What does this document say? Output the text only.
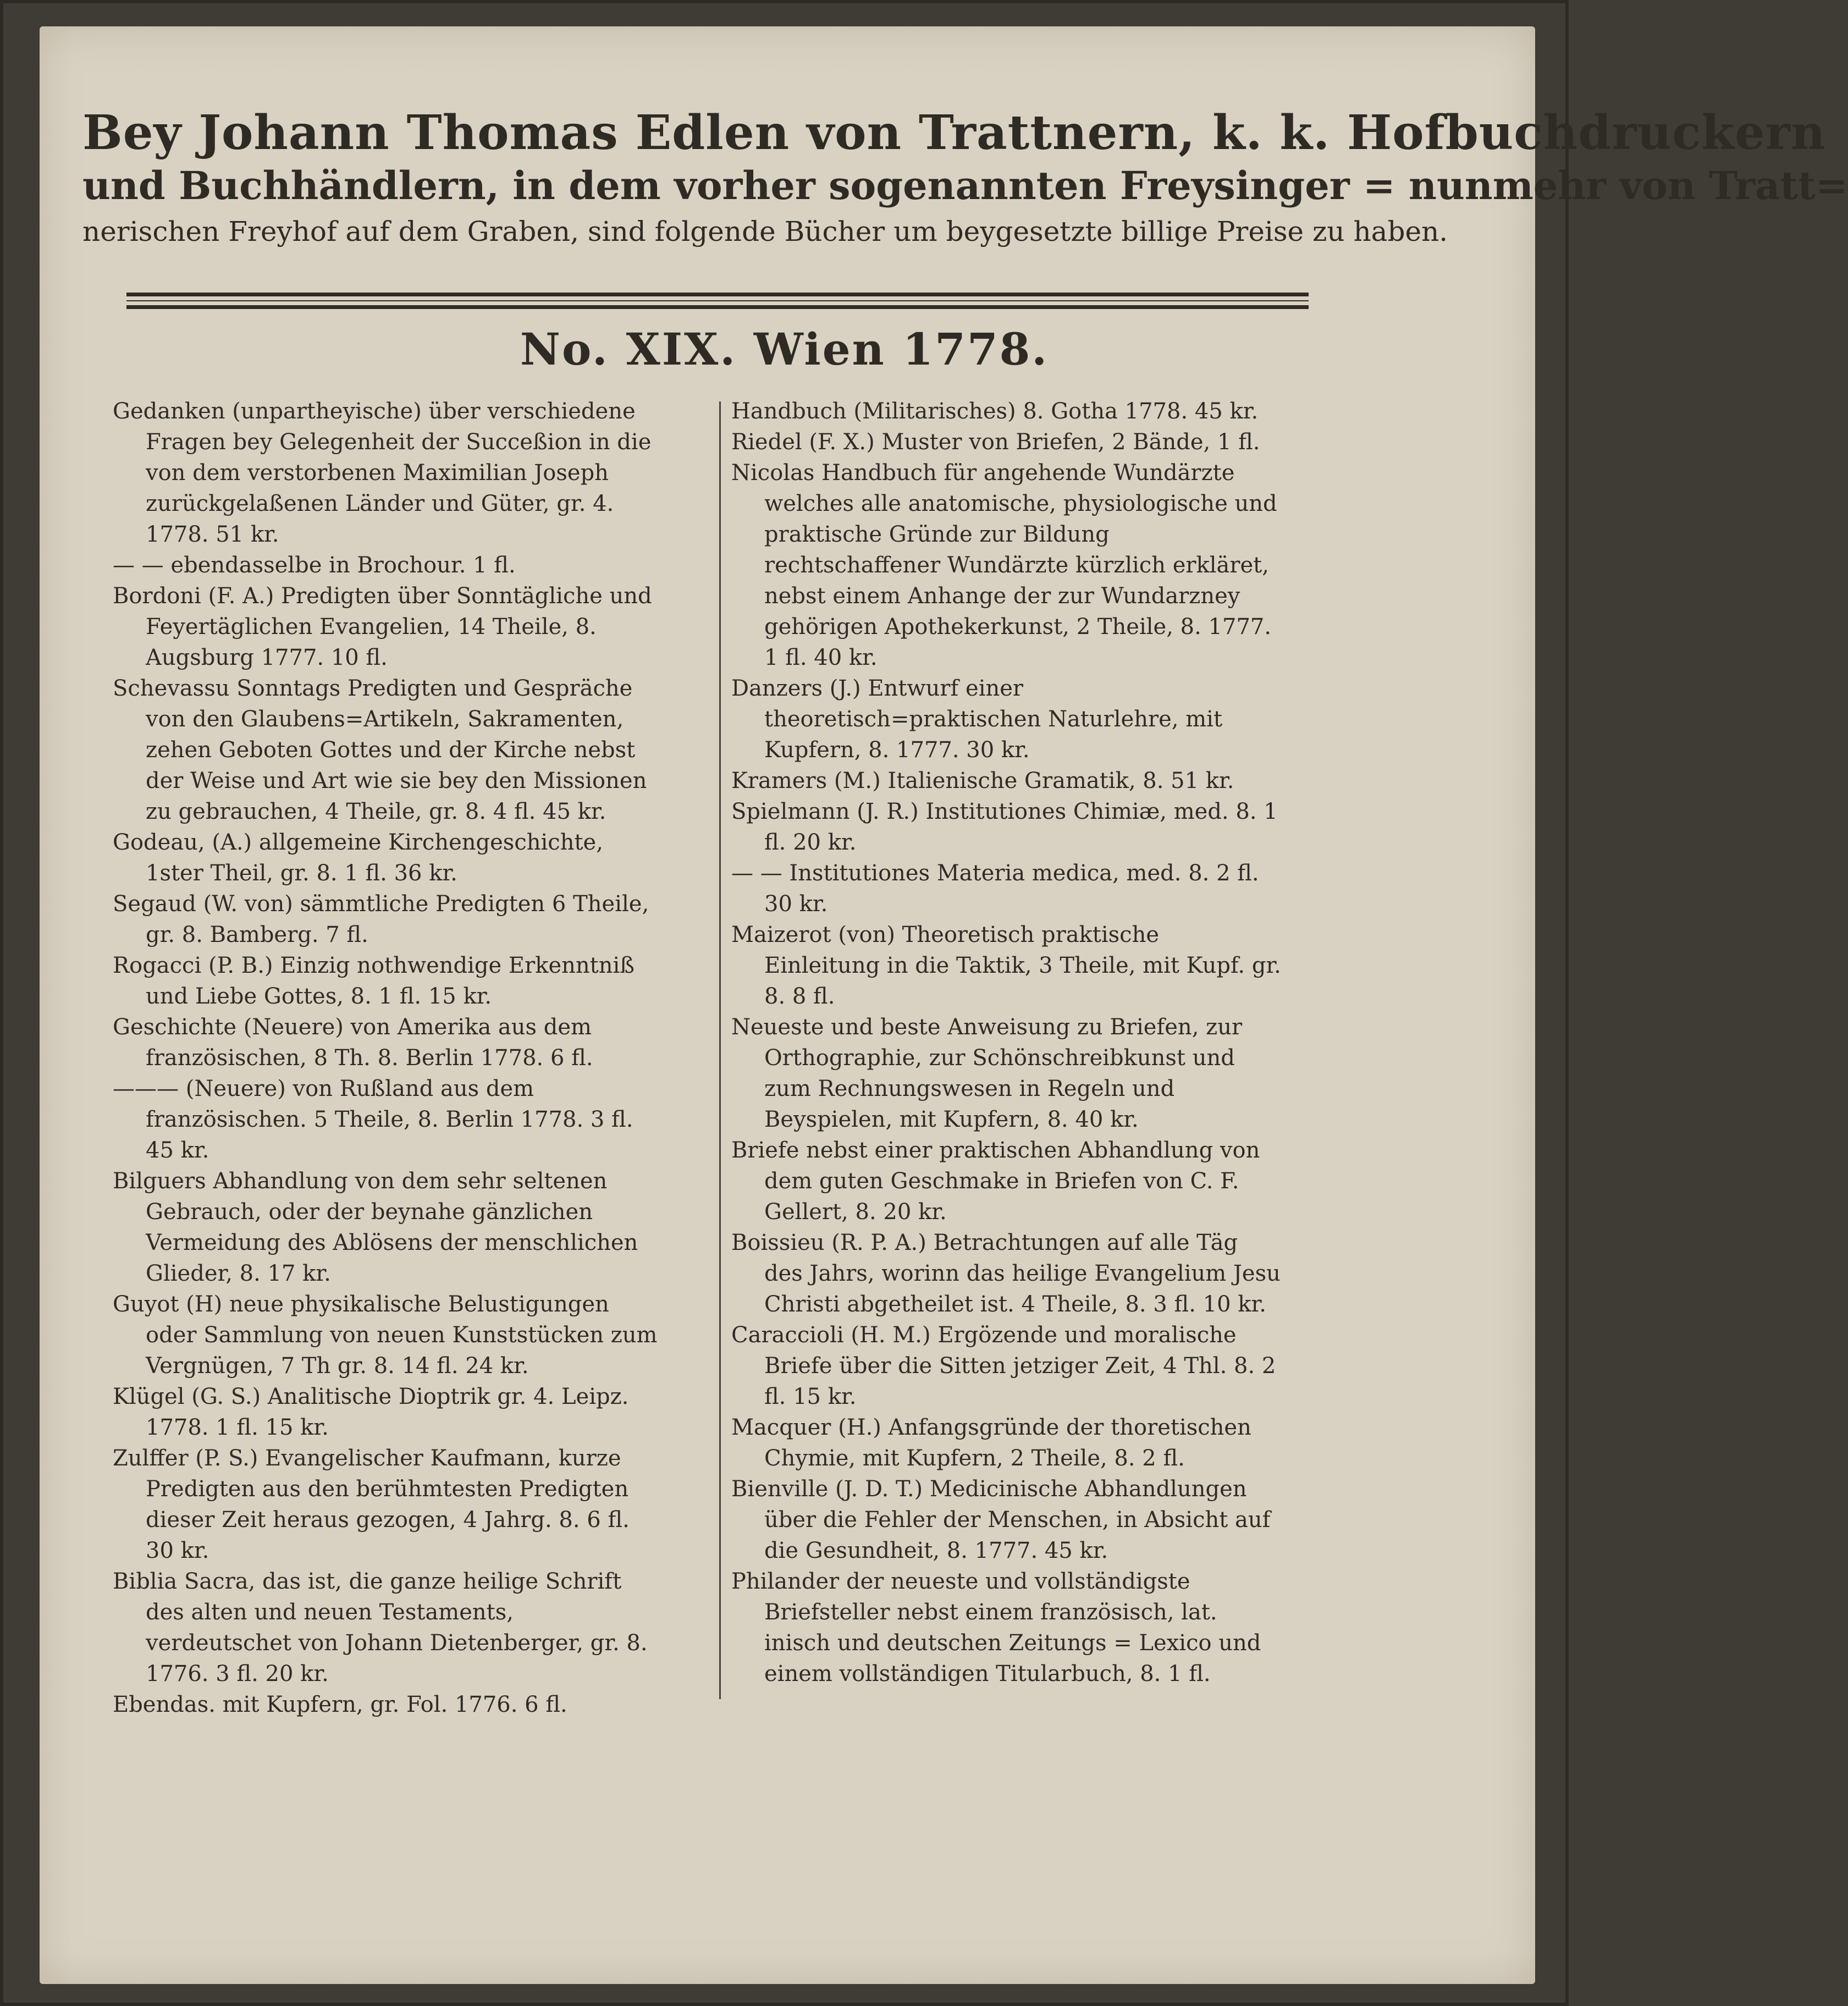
Bey Johann Thomas Edlen von Trattnern, k. k. Hofbuchdruckern
und Buchhändlern, in dem vorher sogenannten Freysinger = nunmehr von Tratt=
nerischen Freyhof auf dem Graben, sind folgende Bücher um beygesetzte billige Preise zu haben.
No. XIX. Wien 1778.

Gedanken (unpartheyische) über verschiedene Fragen bey Gelegenheit der Succeßion in die von dem verstorbenen Maximilian Joseph zurückgelaßenen Länder und Güter, gr. 4. 1778. 51 kr.

— — ebendasselbe in Brochour. 1 fl.

Bordoni (F. A.) Predigten über Sonntägliche und Feyertäglichen Evangelien, 14 Theile, 8. Augsburg 1777. 10 fl.

Schevassu Sonntags Predigten und Gespräche von den Glaubens=Artikeln, Sakramenten, zehen Geboten Gottes und der Kirche nebst der Weise und Art wie sie bey den Missionen zu gebrauchen, 4 Theile, gr. 8. 4 fl. 45 kr.

Godeau, (A.) allgemeine Kirchengeschichte, 1ster Theil, gr. 8. 1 fl. 36 kr.

Segaud (W. von) sämmtliche Predigten 6 Theile, gr. 8. Bamberg. 7 fl.

Rogacci (P. B.) Einzig nothwendige Erkenntniß und Liebe Gottes, 8. 1 fl. 15 kr.

Geschichte (Neuere) von Amerika aus dem französischen, 8 Th. 8. Berlin 1778. 6 fl.

——— (Neuere) von Rußland aus dem französischen. 5 Theile, 8. Berlin 1778. 3 fl. 45 kr.

Bilguers Abhandlung von dem sehr seltenen Gebrauch, oder der beynahe gänzlichen Vermeidung des Ablösens der menschlichen Glieder, 8. 17 kr.

Guyot (H) neue physikalische Belustigungen oder Sammlung von neuen Kunststücken zum Vergnügen, 7 Th gr. 8. 14 fl. 24 kr.

Klügel (G. S.) Analitische Dioptrik gr. 4. Leipz. 1778. 1 fl. 15 kr.

Zulffer (P. S.) Evangelischer Kaufmann, kurze Predigten aus den berühmtesten Predigten dieser Zeit heraus gezogen, 4 Jahrg. 8. 6 fl. 30 kr.

Biblia Sacra, das ist, die ganze heilige Schrift des alten und neuen Testaments, verdeutschet von Johann Dietenberger, gr. 8. 1776. 3 fl. 20 kr.

Ebendas. mit Kupfern, gr. Fol. 1776. 6 fl.

Handbuch (Militarisches) 8. Gotha 1778. 45 kr.

Riedel (F. X.) Muster von Briefen, 2 Bände, 1 fl.

Nicolas Handbuch für angehende Wundärzte welches alle anatomische, physiologische und praktische Gründe zur Bildung rechtschaffener Wundärzte kürzlich erkläret, nebst einem Anhange der zur Wundarzney gehörigen Apothekerkunst, 2 Theile, 8. 1777. 1 fl. 40 kr.

Danzers (J.) Entwurf einer theoretisch=praktischen Naturlehre, mit Kupfern, 8. 1777. 30 kr.

Kramers (M.) Italienische Gramatik, 8. 51 kr.

Spielmann (J. R.) Institutiones Chimiæ, med. 8. 1 fl. 20 kr.

— — Institutiones Materia medica, med. 8. 2 fl. 30 kr.

Maizerot (von) Theoretisch praktische Einleitung in die Taktik, 3 Theile, mit Kupf. gr. 8. 8 fl.

Neueste und beste Anweisung zu Briefen, zur Orthographie, zur Schönschreibkunst und zum Rechnungswesen in Regeln und Beyspielen, mit Kupfern, 8. 40 kr.

Briefe nebst einer praktischen Abhandlung von dem guten Geschmake in Briefen von C. F. Gellert, 8. 20 kr.

Boissieu (R. P. A.) Betrachtungen auf alle Täg des Jahrs, worinn das heilige Evangelium Jesu Christi abgetheilet ist. 4 Theile, 8. 3 fl. 10 kr.

Caraccioli (H. M.) Ergözende und moralische Briefe über die Sitten jetziger Zeit, 4 Thl. 8. 2 fl. 15 kr.

Macquer (H.) Anfangsgründe der thoretischen Chymie, mit Kupfern, 2 Theile, 8. 2 fl.

Bienville (J. D. T.) Medicinische Abhandlungen über die Fehler der Menschen, in Absicht auf die Gesundheit, 8. 1777. 45 kr.

Philander der neueste und vollständigste Briefsteller nebst einem französisch, lat. inisch und deutschen Zeitungs = Lexico und einem vollständigen Titularbuch, 8. 1 fl.
